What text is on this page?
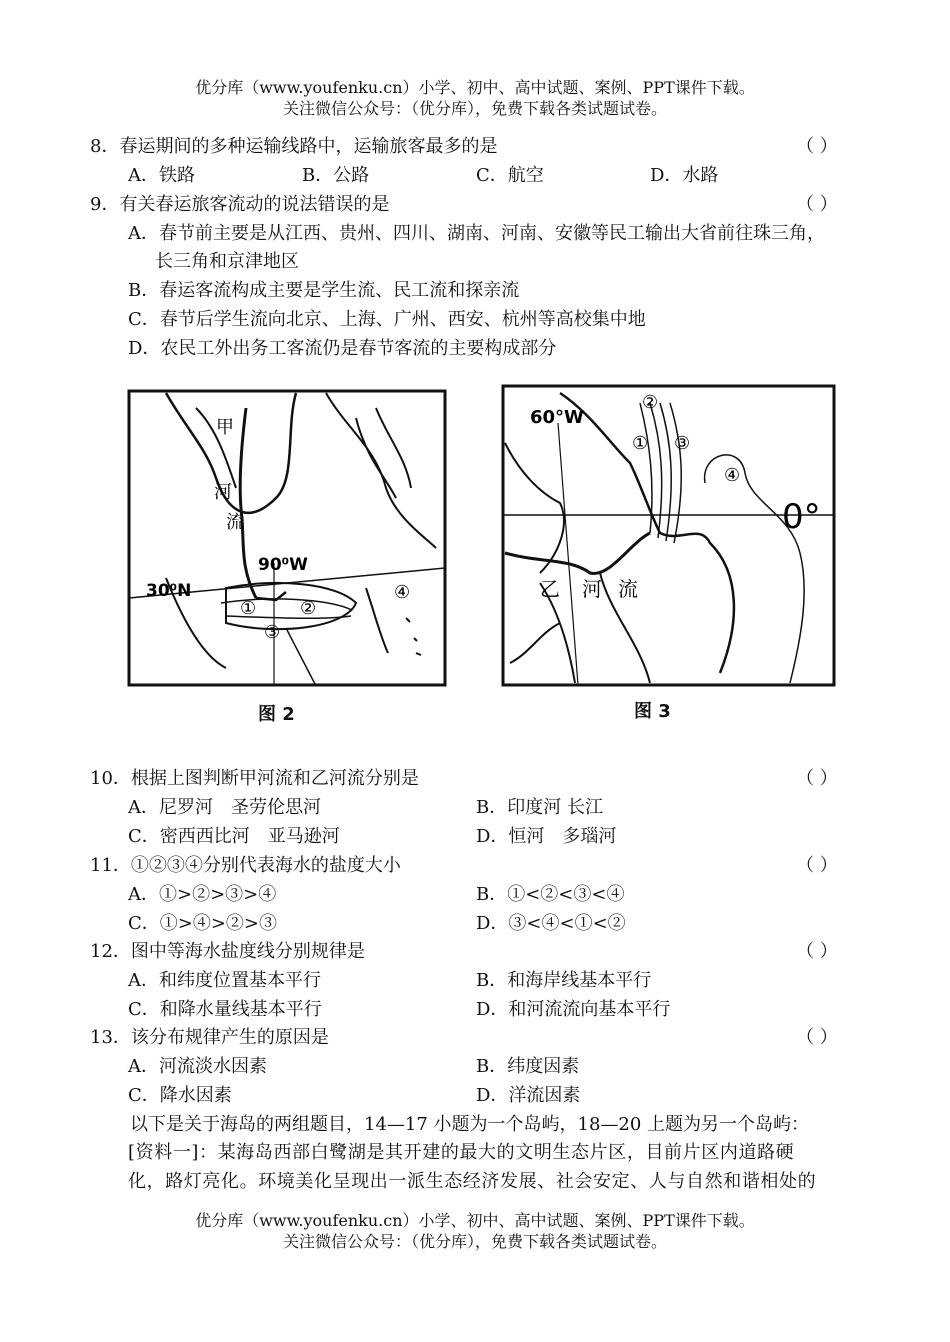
优分库（www.youfenku.cn）小学、初中、高中试题、案例、PPT课件下载。
关注微信公众号：（优分库），免费下载各类试题试卷。
8．春运期间的多种运输线路中，运输旅客最多的是	（ ）
A．铁路	B．公路	C．航空	D．水路
9．有关春运旅客流动的说法错误的是	（ ）
A．春节前主要是从江西、贵州、四川、湖南、河南、安徽等民工输出大省前往珠三角，
长三角和京津地区
B．春运客流构成主要是学生流、民工流和探亲流
C．春节后学生流向北京、上海、广州、西安、杭州等高校集中地
D．农民工外出务工客流仍是春节客流的主要构成部分
甲
河
流
90⁰W
30⁰N
① ②
③
④
图 2
60°W
0°
②
① ③
④
乙 河 流
图 3
10．根据上图判断甲河流和乙河流分别是	（ ）
A．尼罗河　圣劳伦思河	B．印度河 长江
C．密西西比河　亚马逊河	D．恒河　多瑙河
11．①②③④分别代表海水的盐度大小	（ ）
A．①>②>③>④	B．①<②<③<④
C．①>④>②>③	D．③<④<①<②
12．图中等海水盐度线分别规律是	（ ）
A．和纬度位置基本平行	B．和海岸线基本平行
C．和降水量线基本平行	D．和河流流向基本平行
13．该分布规律产生的原因是	（ ）
A．河流淡水因素	B．纬度因素
C．降水因素	D．洋流因素
以下是关于海岛的两组题目，14—17 小题为一个岛屿，18—20 上题为另一个岛屿：
[资料一]：某海岛西部白鹭湖是其开建的最大的文明生态片区，目前片区内道路硬
化，路灯亮化。环境美化呈现出一派生态经济发展、社会安定、人与自然和谐相处的
优分库（www.youfenku.cn）小学、初中、高中试题、案例、PPT课件下载。
关注微信公众号：（优分库），免费下载各类试题试卷。
